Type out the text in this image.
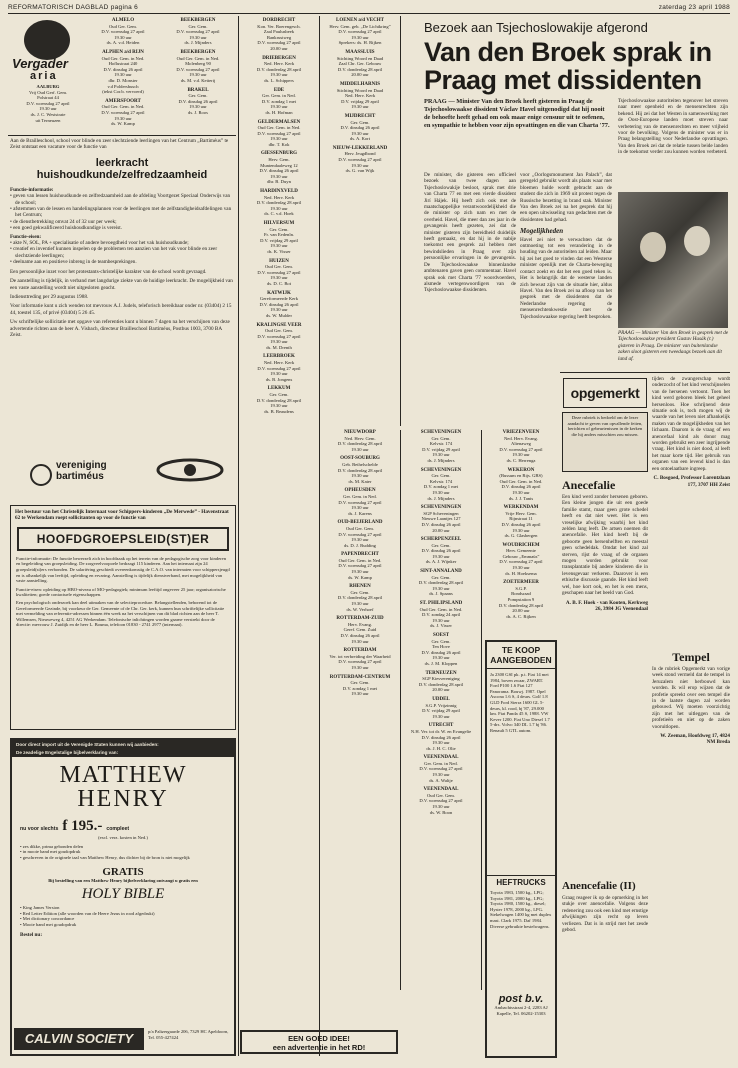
REFORMATORISCH DAGBLAD pagina 6	zaterdag 23 april 1988
Vergader
aria
AALBURG
Vrij Oud Gerf. Gem.
Polstraat 44
D.V. woensdag 27 april
19.30 uur
ds. J. C. Weststrate
uit Terneuzen
ALMELO
Oud Ger. Gem.
D.V. woensdag 27 april
19.30 uur
ds. A. v.d. Heiden
ALPHEN a/d RIJN
Oud Ger. Gem. in Ned.
Hoflustraat 240
D.V. dinsdag 26 april
19.30 uur
dhr. D. Monster
v.d Poldersbusch
(tekst Cor.b. vervoerd)
AMERSFOORT
Oud Ger. Gem. in Ned.
D.V. woensdag 27 april
19.30 uur
ds. W. Kamp
BEEKBERGEN
Ger. Gem.
D.V. woensdag 27 april
19.30 uur
ds. J. Mijnders
BEEKBERGEN
Oud Ger. Gem. in Ned.
Molenberg 90
D.V. woensdag 27 april
19.30 uur
ds. M. v.d. Ketterij
BRAKEL
Ger. Gem.
D.V. dinsdag 26 april
19.30 uur
ds. J. Roos
DORDRECHT
Kon. Ver. Boerengesch.
Zaal Paulusbeek
Bankrustweg
D.V. woensdag 27 april
20.00 uur
DRIEBERGEN
Ned. Herv. Kerk
D.V. donderdag 28 april
19.30 uur
ds. L. Schippers
EDE
Ger. Gem. in Ned.
D.V. zondag 1 mei
19.30 uur
ds. H. Hofman
GELDERMALSEN
Oud Ger. Gem. in Ned.
D.V. woensdag 27 april
19.30 uur
dhr. T. Kok
GIESSENBURG
Herv. Gem.
Muntendaaleweg 12
D.V. dinsdag 26 april
19.30 uur
dhr. B. Duyn
HARDINXVELD
Ned. Herv. Kerk
D.V. donderdag 28 april
19.30 uur
ds. C. v.d. Hoek
HILVERSUM
Ger. Gem.
Fr. van Eedenln.
D.V. vrijdag 29 april
19.30 uur
ds. K. Visser
HUIZEN
Oud Ger. Gem.
D.V. woensdag 27 april
19.30 uur
ds. D. C. Bot
KATWIJK
Gereformeerde Kerk
D.V. dinsdag 26 april
19.30 uur
ds. W. Mulder
KRALINGSE VEER
Oud Ger. Gem.
D.V. woensdag 27 april
19.30 uur
ds. M. Drenth
LEERBROEK
Ned. Herv. Kerk
D.V. woensdag 27 april
19.30 uur
ds. B. Jongens
LEKKUM
Ger. Gem.
D.V. donderdag 28 april
19.30 uur
ds. B. Beaudens
LOENEN a/d VECHT
Herv. Gem. geb. „De Lichtkring”
D.V. woensdag 27 april
19.30 uur
Sprekers: ds. H. Rijken
MAASSLUIS
Stichting Woord en Daad
Zaal Chr. Ger. Gebouw
D.V. donderdag 28 april
20.00 uur
MIDDELHARNIS
Stichting Woord en Daad
Ned. Herv. Kerk
D.V. vrijdag 29 april
19.30 uur
MIJDRECHT
Ger. Gem.
D.V. dinsdag 26 april
19.30 uur
ds. A. Kort
NIEUW-LEKKERLAND
Herv. Jeugdbond
D.V. woensdag 27 april
19.30 uur
ds. G. van Wijk
NIEUWDORP
Ned. Herv. Gem.
D.V. donderdag 28 april
19.30 uur
OOST-SOUBURG
Geb. Bethelschelde
D.V. donderdag 28 april
19.30 uur
ds. M. Kater
OPHEUSDEN
Ger. Gem. in Ned.
D.V. woensdag 27 april
19.30 uur
ds. J. Karens
OUD-BEIJERLAND
Oud Ger. Gem.
D.V. woensdag 27 april
19.30 uur
ds. D. J. Budding
PAPENDRECHT
Oud Ger. Gem. in Ned.
D.V. woensdag 27 april
19.30 uur
ds. W. Kamp
RHENEN
Ger. Gem.
D.V. donderdag 28 april
19.30 uur
ds. W. Verhoef
ROTTERDAM-ZUID
Herv. Evang.
Geref. Gem. Zuid
D.V. dinsdag 26 april
19.30 uur
ROTTERDAM
Ver. tot verbreiding der Waarheid
D.V. woensdag 27 april
19.30 uur
ROTTERDAM-CENTRUM
Ger. Gem.
D.V. zondag 1 mei
19.30 uur
SCHEVENINGEN
Ger. Gem.
Kelvstr. 174
D.V. vrijdag 29 april
19.30 uur
ds. J. Mijnders
SCHEVENINGEN
Ger. Gem.
Kelvstr. 174
D.V. zondag 1 mei
19.30 uur
ds. J. Mijnders
SCHEVENINGEN
SGP Scheveningen
Nieuwe Laantjes 127
D.V. dinsdag 26 april
20.00 uur
SCHERPENZEEL
Ger. Gem.
D.V. dinsdag 26 april
19.30 uur
ds. A. J. Wijnker
SINT-ANNALAND
Ger. Gem.
D.V. donderdag 28 april
19.30 uur
ds. J. Spaans
ST. PHILIPSLAND
Oud Ger. Gem. in Ned.
D.V. zondag 24 april
19.30 uur
ds. J. Visser
SOEST
Ger. Gem.
Ten Hove
D.V. dinsdag 26 april
19.30 uur
ds. J. M. Kloppen
TERNEUZEN
SGP Kiesvereniging
D.V. donderdag 28 april
20.00 uur
UDDEL
S.G.P. Vrijzinnig
D.V. vrijdag 29 april
19.30 uur
UTRECHT
N.H. Ver. tot dr. W. en Evangelie
D.V. dinsdag 26 april
19.30 uur
ds. J. H. C. Olie
VEENENDAAL
Ger. Gem. in Ned.
D.V. woensdag 27 april
19.30 uur
ds. A. Waltje
VEENENDAAL
Oud Ger. Gem.
D.V. woensdag 27 april
19.30 uur
ds. W. Boon
VRIEZENVEEN
Ned. Herv. Evang.
Altenaweg
D.V. woensdag 27 april
19.30 uur
ds. C. Herrenga
WEKERON
(Bussum en Rijs. GBS)
Oud Ger. Gem. in Ned.
D.V. dinsdag 26 april
19.30 uur
ds. J. J. Tanis
WERKENDAM
Vrije Herv. Gem.
Rijnstraat 11
D.V. dinsdag 26 april
19.30 uur
ds. G. Glasbergen
WOUDRICHEM
Herv. Gemeente
Gebouw „Emmaüs”
D.V. woensdag 27 april
19.30 uur
ds. H. Hoeksema
ZOETERMEER
S.G.P.
Bondsraad
Pompstation 9
D.V. donderdag 28 april
20.00 uur
ds. A. C. Rijken
Aan de Brailleschool, school voor blinde en zeer slechtziende leerlingen van het Centrum „Bartiméus” te Zeist ontstaat een vacature voor de functie van
leerkracht huishoudkunde/zelfredzaamheid
Functie-informatie:
• geven van lessen huishoudkunde en zelfredzaamheid aan de afdeling Voortgezet Speciaal Onderwijs van de school;
• afstemmen van de lessen en handelingsplannen voor de leerlingen met de zelfstandigheidsafdelingen van het Centrum;
• de dienstbetrekking omvat 24 of 32 uur per week;
• een goed gekwalificeerd huishoudkundige is vereist.
Functie-eisen:
• akte N, SOL, PA + specialisatie of andere bevoegdheid voor het vak huishoudkunde;
• creatief en inventief kunnen inspelen op de problemen ten aanzien van het vak voor blinde en zeer slechtziende leerlingen;
• deelname aan en positieve inbreng in de teambesprekingen.
Een persoonlijke inzet voor het protestants-christelijke karakter van de school wordt gevraagd.
De aanstelling is tijdelijk, in verband met langdurige ziekte van de huidige leerkracht. De mogelijkheid van een vaste aanstelling wordt niet uitgesloten geacht.
Indiensttreding per 29 augustus 1988.
Voor informatie kunt u zich wenden tot mevrouw A.J. Judels, teleforisch bereikbaar onder nr. (03404) 2 15 44, toestel 135, of privé (03404) 5 26 45.
Uw schriftelijke sollicitatie met opgave van referenties kunt u binnen 7 dagen na het verschijnen van deze advertentie richten aan de heer A. Visbach, directeur Brailleschool Bartiméus, Postbus 1003, 3700 BA Zeist.
vereniging bartiméus
Het bestuur van het Christelijk Internaat voor Schippers-kinderen „De Merwede” - Havenstraat 62 te Werkendam roept sollicitanten op voor de functie van
HOOFDGROEPSLEID(ST)ER
Functie-informatie: De functie bewerzelt zich in hoofdzaak op het terrein van de pedagogische zorg voor kinderen en begeleiding van groepsleiding. De zorgveelvoopoele bedraagt 115 kinderen. Aan het internaat zijn 24 groepsleid(st)ers verbonden. De salariëring geschiedt overeenkomstig de C.A.O. van internaten voor schippersjeugd en is afhankelijk van leeftijd, opleiding en ervaring. Aanstelling is tijdelijk dienstverband, met mogelijkheid van vaste aanstelling.
Functie-eisen: opleiding op HBO-niveau of MO-pedagogiek; minimum leeftijd ongeveer 25 jaar; organisatorische kwaliteiten; goede contactuele eigenschappen.
Een psychologisch onderzoek kan deel uitmaken van de selectieprocedure. Belangstellenden, behorend tot de Gereformeerde Gezinde, bij voorkeur de Ger. Gemeente of de Chr. Ger. kerk, kunnen hun schriftelijke sollicitatie met vermelding van referentie-adressen binnen één week na het verschijnen van dit blad richten aan de heer T. Willemsen, Nieuweweg 4, 4251 AG Werkendam. Telefonische inlichtingen worden gaarne verstrekt door de directie: mevrouw J. Zuidijk en de heer L. Bouma, telefoon 01830 - 2741 2977 (internaat).
Door direct import uit de Verenigde Staten kunnen wij aanbieden:
De zeadelige Engelstalige bijbelverklaring van:
MATTHEW
HENRY
nu voor slechts f 195.- compleet
(excl. verz. kosten in Ned.)
• zes dikke, prima gebonden delen
• in mooie band met goudopdruk
• geschreven in de originele taal van Matthew Henry, dus dichter bij de bron is niet mogelijk
GRATIS
Bij bestelling van een Matthew Henry bijbelverklaring ontvangt u gratis een
HOLY BIBLE
• King James Version
• Red Letter Edition (alle woorden van de Heere Jezus in rood afgedrukt)
• Met dictionary concordance
• Mooie band met goudopdruk
Bestel nu:
CALVIN SOCIETY	p/a Paltzergaarde 206, 7329 HC Apeldoorn, Tel. 055-427424
Bezoek aan Tsjechoslowakije afgerond
Van den Broek sprak in Praag met dissidenten
PRAAG — Minister Van den Broek heeft gisteren in Praag de Tsjechoslowaakse dissident Václav Havel uitgenodigd dat hij nooit de behoefte heeft gehad om ook maar enige censuur uit te oefenen, en sympathie te hebben voor zijn opvattingen en die van Charta '77.
De minister, die gisteren een officieel bezoek van twee dagen aan Tsjechoslowakije besloot, sprak met drie van Charta 77 en met een vierde dissident Jirí Hájek. Hij heeft zich ook met de maatschappelijke verantwoordelijkheid die de minister op zich nam en met de overheid. Havel, die meer dan zes jaar in de gevangenis heeft gezeten, zei dat de minister gisteren zijn bereidheid duidelijk heeft gemaakt, en dat hij in de nabije toekomst een gesprek zal hebben met bewindslieden in Praag over zijn persoonlijke ervaringen in de gevangenis. De Tsjechoslowaakse binnenlandse ambtenaren gaven geen commentaar. Havel sprak ook met Charta '77 woordvoerders, alsmede vertegenwoordigers van de Tsjechoslowaakse dissidenten.
voor „Oorlogsmonument Jan Palach”, dat geregeld gebruikt wordt als plaats waar met bloemen hulde wordt gebracht aan de student die zich in 1969 uit protest tegen de Russische bezetting in brand stak. Minister Van den Broek zei na het gesprek dat hij een open uitwisseling van gedachten met de dissidenten had gehad.
Mogelijkheden
Havel zei niet te verwachten dat de ontmoeting tot een verandering in de houding van de autoriteiten zal leiden. Maar hij zei het goed te vinden dat een Westerse minister openlijk met de Charta-beweging contact zoekt en dat het een goed teken is. Het is belangrijk dat de westerse landen zich bewust zijn van de situatie hier, aldus Havel. Van den Broek zei na afloop van het gesprek met de dissidenten dat de Nederlandse regering de mensenrechtenkwestie met de Tsjechoslowaakse regering heeft besproken.
Tsjechoslowaakse autoriteiten tegenover het streven naar meer openheid en de mensenrechten zijn bekend. Hij zei dat het Westen in samenwerking met de Oost-Europese landen moet streven naar verbetering van de mensenrechten en meer vrijheid voor de bevolking. Volgens de minister was er in Praag belangstelling voor Nederlandse opvattingen. Van den Broek zei dat de relatie tussen beide landen in de toekomst verder zou kunnen worden verbeterd.
PRAAG — Minister Van den Broek in gesprek met de Tsjechoslowaakse president Gustav Husák (r.) gisteren in Praag. De minister van buitenlandse zaken sloot gisteren een tweedaags bezoek aan dit land af.
opgemerkt
Deze rubriek is bedoeld om de lezer aandacht te geven van opvallende feiten, berichten of gebeurtenissen in de kerken die hij anders misschien zou missen.
tijden de zwangerschap wordt onderzocht of het kind verschijnselen van de hersenen vertoont. Toen het kind werd geboren bleek het geheel hersenloos. Hoe schrijnend deze situatie ook is, toch mogen wij de waarde van het leven niet afhankelijk maken van de mogelijkheden van het lichaam. Daarom is de vraag of een anencefaal kind als donor mag worden gebruikt een zeer ingrijpende vraag. Het kind is niet dood, al leeft het maar korte tijd. Het gebruik van organen van een levend kind is dan een ontoelaatbare ingreep.
C. Bosgoed, Professor Lorentzlaan 177, 3707 HH Zeist
Anecefalie
Een kind werd zonder hersenen geboren. Een kleine jongen die uit een goede familie stamt, maar geen grote schedel heeft en dat niet weet. Het is een vreselijke afwijking waarbij het kind zelden lang leeft. De artsen noemen dit anencefalie. Het kind heeft bij de geboorte geen hersenhelften en meestal geen schedeldak. Omdat het kind zal sterven, rijst de vraag of de organen mogen worden gebruikt voor transplantatie bij andere kinderen die in levensgevaar verkeren. Daarover is een ethische discussie gaande. Het kind leeft wel, hoe kort ook, en het is een mens, geschapen naar het beeld van God.
A. B. F. Hoek - van Kooten, Kerkweg 26, 3984 JG Veenendaal
Anencefalie (II)
Graag reageer ik op de opmerking in het stukje over anencefalie. Volgens deze redenering zou ook een kind met ernstige afwijkingen zijn recht op leven verliezen. Dat is in strijd met het zesde gebod.
Tempel
In de rubriek Opgemerkt van vorige week stond vermeld dat de tempel in Jeruzalem niet herbouwd kan worden. Ik wil erop wijzen dat de profetie spreekt over een tempel die in de laatste dagen zal worden gebouwd. Wij moeten voorzichtig zijn met het uitleggen van de profetieën en niet op de zaken vooruitlopen.
W. Zeeman, Hoofdweg 17, 4824 NM Breda
TE KOOP AANGEBODEN
Ja 2300 GSI pk. p.t. Fiat 14 mei 1984, boven zwaar, ZWART. Ford P100 1.6 Fiat 127 Panorama. Bouwj. 1987. Opel Ascona 1.6 S, 4 deurs. Golf 1.8 GLD Ford Sierra 1600 GL 5-deurs, kl. rood, bj '87, 29.000 km. Fiat Panda 45 S, 1988. VW Kever 1200. Fiat Uno Diesel 1.7 5-drs. Volvo 340 DL 1.7 bj '86. Renault 5 GTL autom.
HEFTRUCKS
Toyota 1983, 1500 kg., LPG; Toyota 1981, 2000 kg., LPG; Toyota 1980, 1500 kg., diesel; Hyster 1978, 2000 kg., LPG. Stekelwagen 1400 kg met duplex mast. Clark 1975. Daf 1984. Diverse gebruikte bestelwagens.
post b.v.
Ambachtsstraat 2-4, 2283 AJ Kapelle, Tel. 06202-15303
EEN GOED IDEE!
een advertentie in het RD!
